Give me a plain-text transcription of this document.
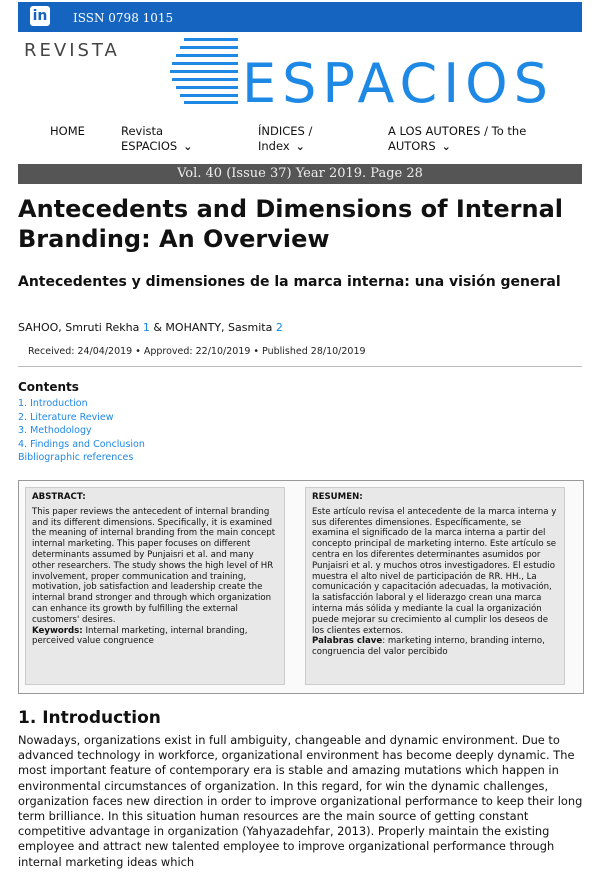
in ISSN 0798 1015
REVISTA
ESPACIOS
HOME	Revista
ESPACIOS ⌄
ÍNDICES /
Index ⌄
A LOS AUTORES / To the
AUTORS ⌄
Vol. 40 (Issue 37) Year 2019. Page 28
Antecedents and Dimensions of Internal Branding: An Overview
Antecedentes y dimensiones de la marca interna: una visión general
SAHOO, Smruti Rekha 1 & MOHANTY, Sasmita 2
Received: 24/04/2019 • Approved: 22/10/2019 • Published 28/10/2019
Contents
1. Introduction
2. Literature Review
3. Methodology
4. Findings and Conclusion
Bibliographic references
ABSTRACT:
This paper reviews the antecedent of internal branding and its different dimensions. Specifically, it is examined the meaning of internal branding from the main concept internal marketing. This paper focuses on different determinants assumed by Punjaisri et al. and many other researchers. The study shows the high level of HR involvement, proper communication and training, motivation, job satisfaction and leadership create the internal brand stronger and through which organization can enhance its growth by fulfilling the external customers' desires.
Keywords: Internal marketing, internal branding, perceived value congruence
RESUMEN:
Este artículo revisa el antecedente de la marca interna y sus diferentes dimensiones. Específicamente, se examina el significado de la marca interna a partir del concepto principal de marketing interno. Este artículo se centra en los diferentes determinantes asumidos por Punjaisri et al. y muchos otros investigadores. El estudio muestra el alto nivel de participación de RR. HH., La comunicación y capacitación adecuadas, la motivación, la satisfacción laboral y el liderazgo crean una marca interna más sólida y mediante la cual la organización puede mejorar su crecimiento al cumplir los deseos de los clientes externos.
Palabras clave: marketing interno, branding interno, congruencia del valor percibido
1. Introduction

Nowadays, organizations exist in full ambiguity, changeable and dynamic environment. Due to advanced technology in workforce, organizational environment has become deeply dynamic. The most important feature of contemporary era is stable and amazing mutations which happen in environmental circumstances of organization. In this regard, for win the dynamic challenges, organization faces new direction in order to improve organizational performance to keep their long term brilliance. In this situation human resources are the main source of getting constant competitive advantage in organization (Yahyazadehfar, 2013). Properly maintain the existing employee and attract new talented employee to improve organizational performance through internal marketing ideas which
